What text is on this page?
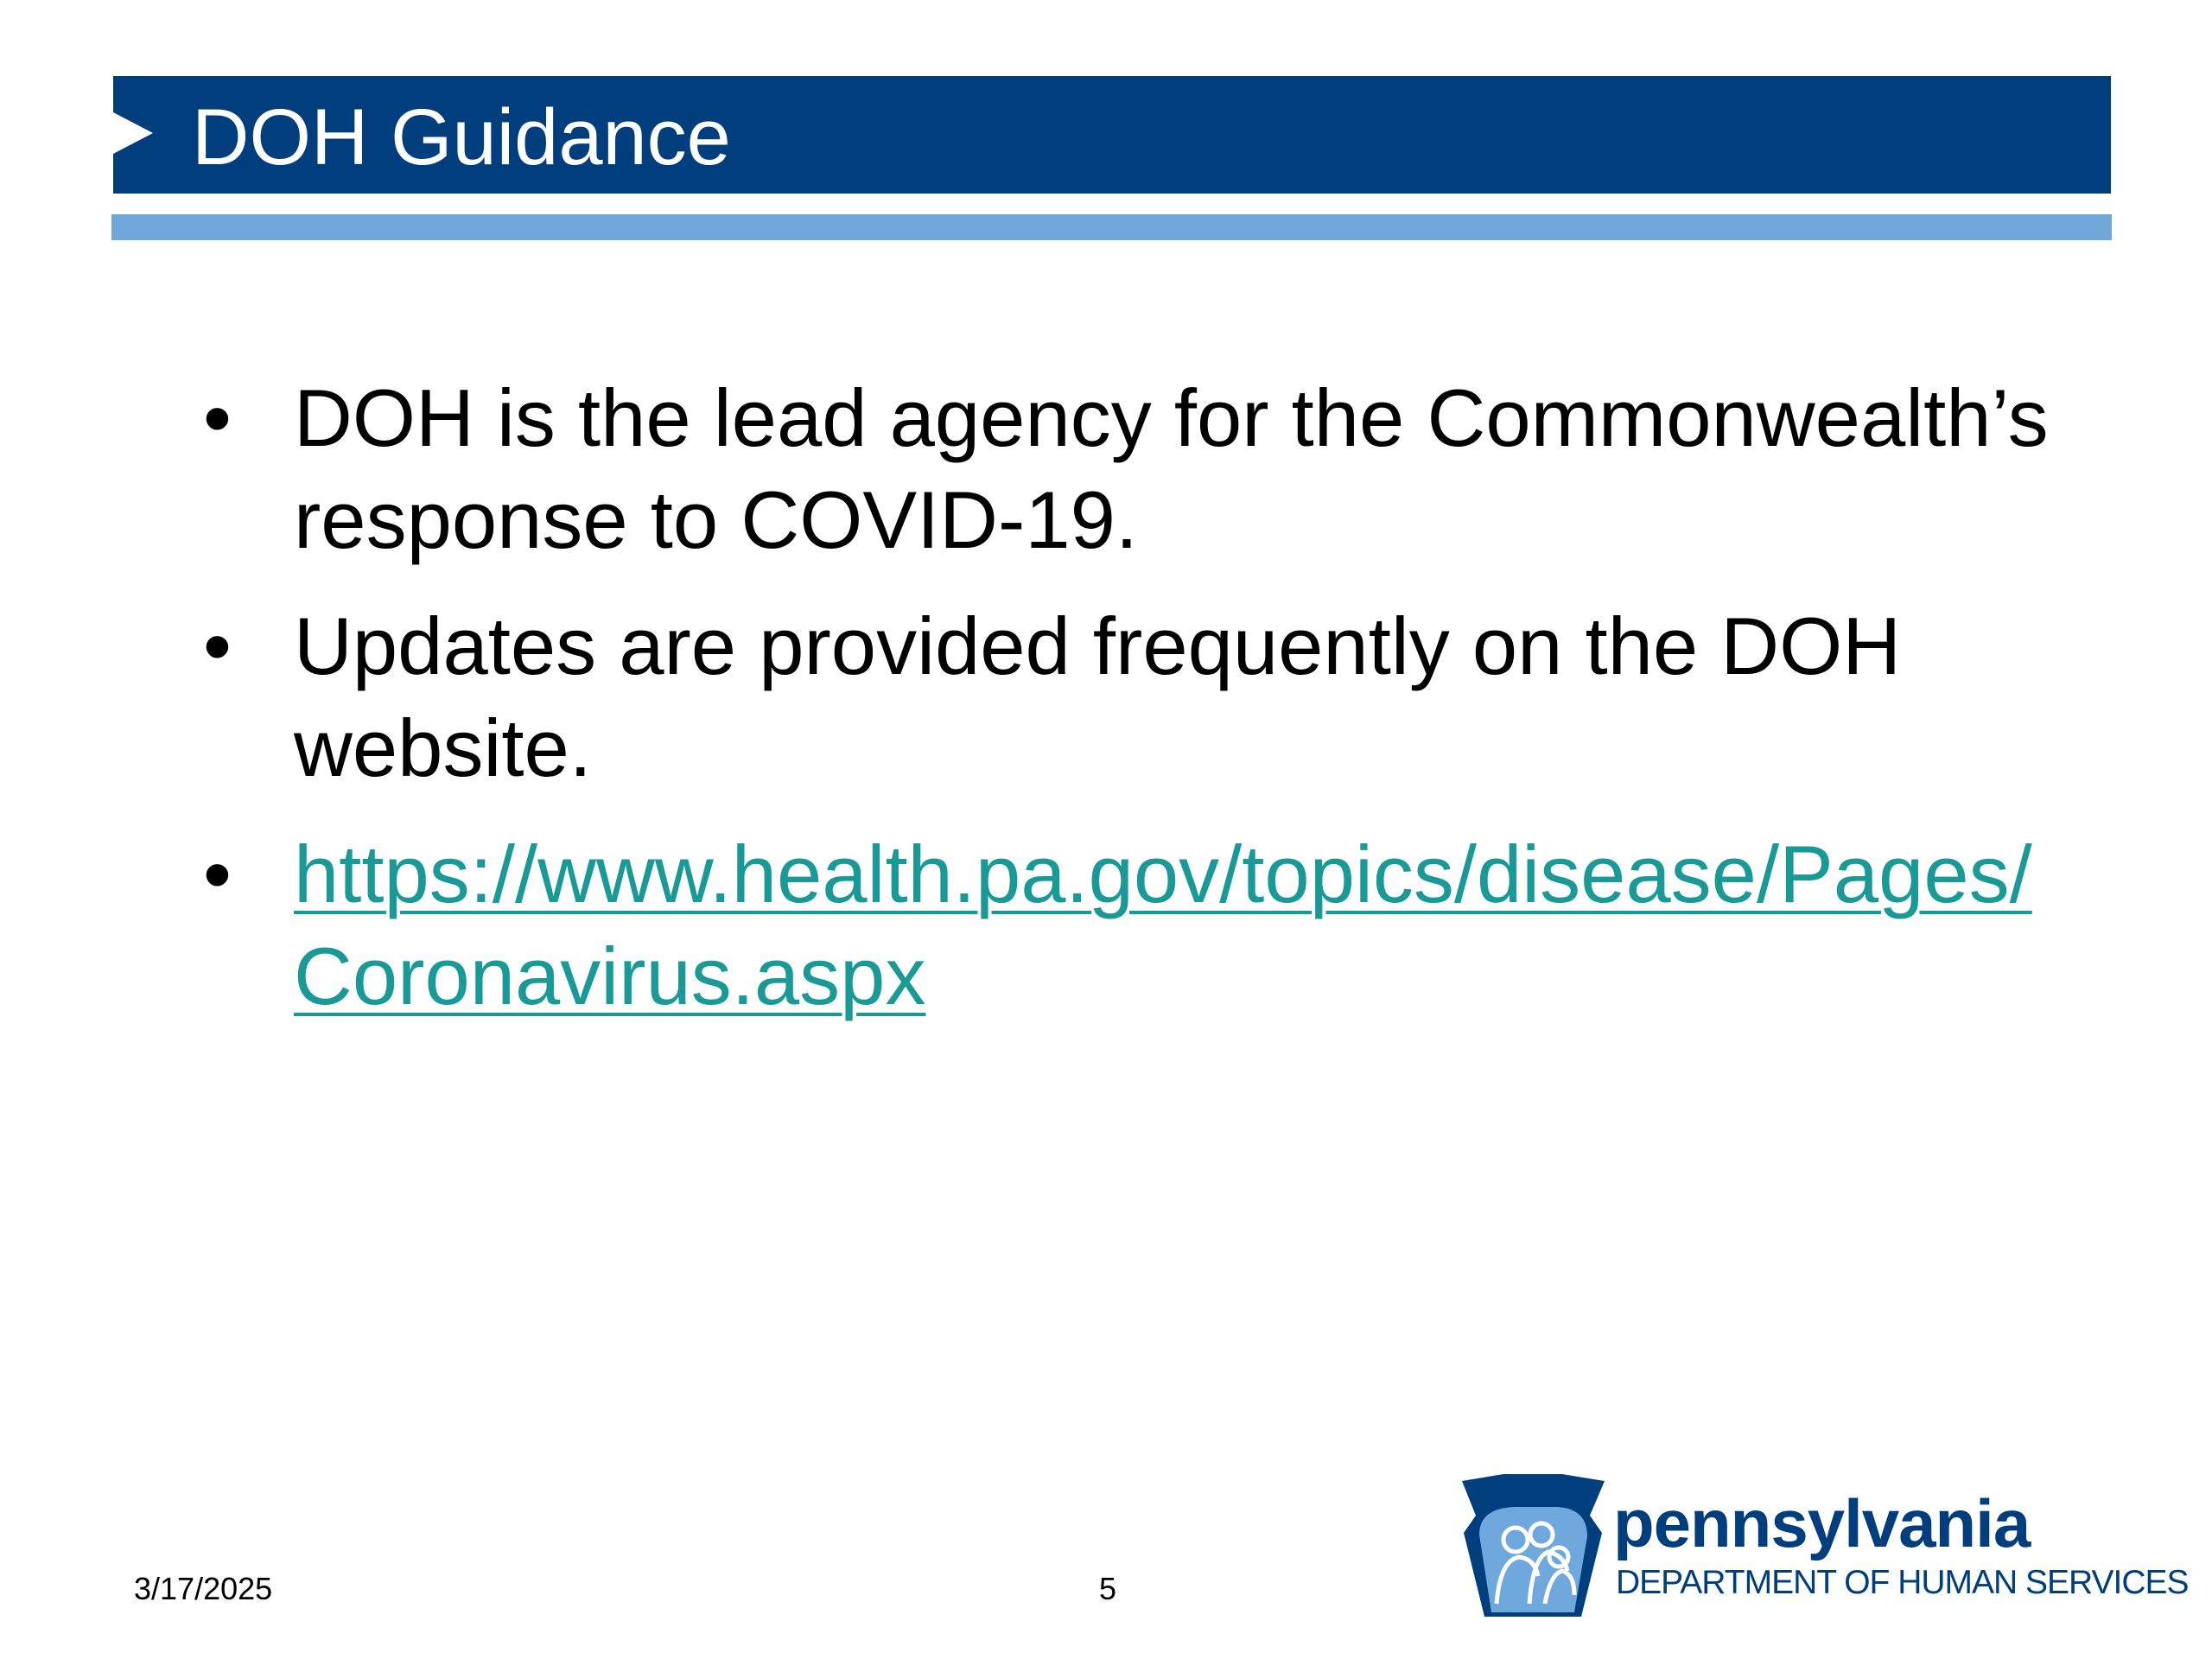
DOH Guidance
• DOH is the lead agency for the Commonwealth’s response to COVID-19.
• Updates are provided frequently on the DOH website.
• https://www.health.pa.gov/topics/disease/Pages/Coronavirus.aspx
3/17/2025	5
pennsylvania
DEPARTMENT OF HUMAN SERVICES
